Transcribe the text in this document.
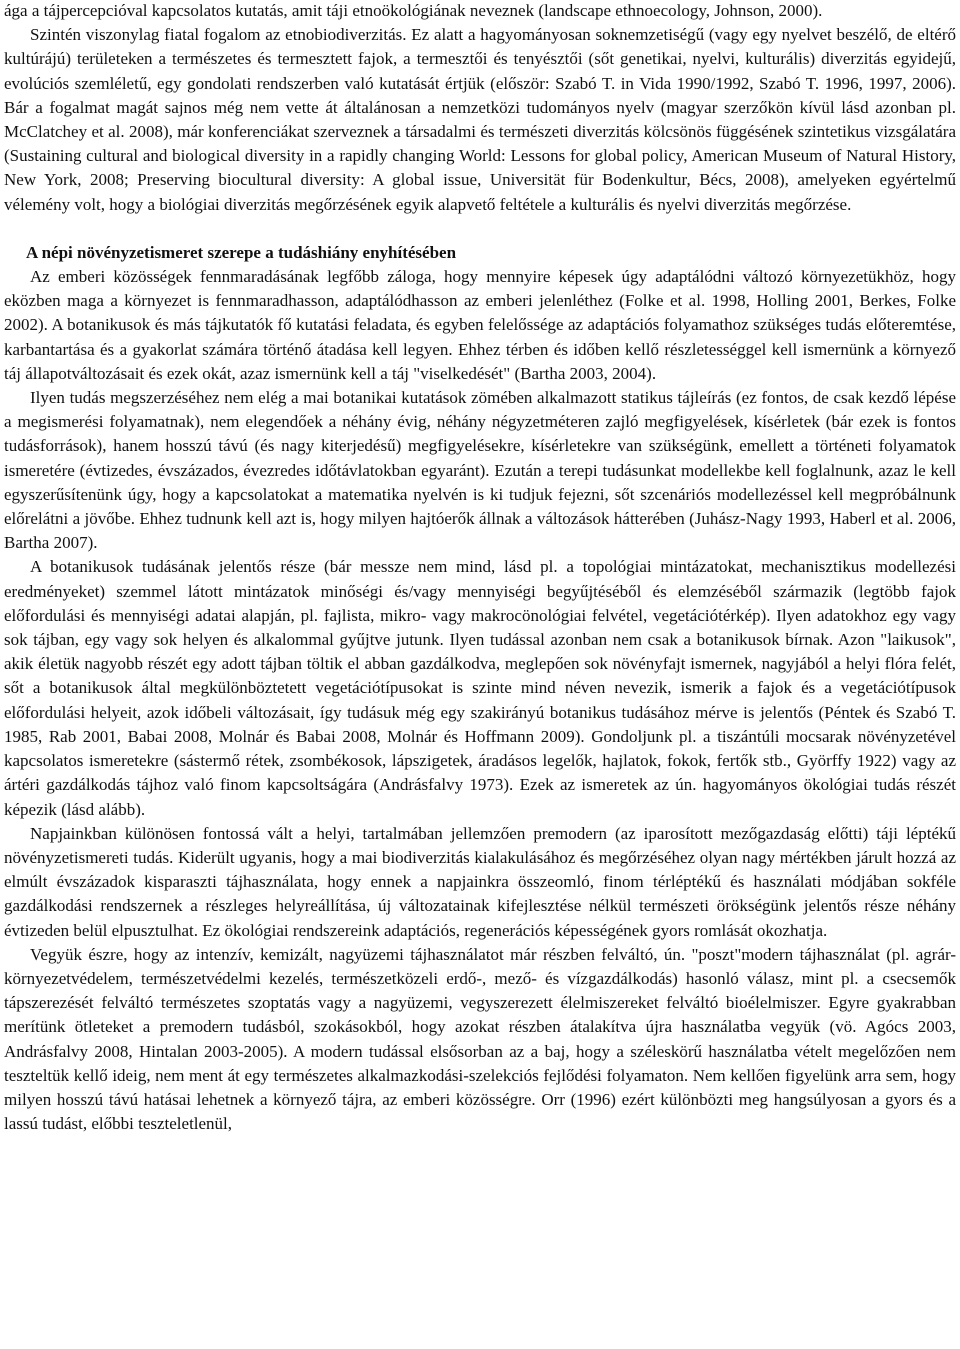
ága a tájpercepcióval kapcsolatos kutatás, amit táji etnoökológiának neveznek (landscape ethnoecology, Johnson, 2000).

Szintén viszonylag fiatal fogalom az etnobiodiverzitás. Ez alatt a hagyományosan soknemzetiségű (vagy egy nyelvet beszélő, de eltérő kultúrájú) területeken a természetes és termesztett fajok, a termesztői és tenyésztői (sőt genetikai, nyelvi, kulturális) diverzitás egyidejű, evolúciós szemléletű, egy gondolati rendszerben való kutatását értjük (először: Szabó T. in Vida 1990/1992, Szabó T. 1996, 1997, 2006). Bár a fogalmat magát sajnos még nem vette át általánosan a nemzetközi tudományos nyelv (magyar szerzőkön kívül lásd azonban pl. McClatchey et al. 2008), már konferenciákat szerveznek a társadalmi és természeti diverzitás kölcsönös függésének szintetikus vizsgálatára (Sustaining cultural and biological diversity in a rapidly changing World: Lessons for global policy, American Museum of Natural History, New York, 2008; Preserving biocultural diversity: A global issue, Universität für Bodenkultur, Bécs, 2008), amelyeken egyértelmű vélemény volt, hogy a biológiai diverzitás megőrzésének egyik alapvető feltétele a kulturális és nyelvi diverzitás megőrzése.

A népi növényzetismeret szerepe a tudáshiány enyhítésében

Az emberi közösségek fennmaradásának legfőbb záloga, hogy mennyire képesek úgy adaptálódni változó környezetükhöz, hogy eközben maga a környezet is fennmaradhasson, adaptálódhasson az emberi jelenléthez (Folke et al. 1998, Holling 2001, Berkes, Folke 2002). A botanikusok és más tájkutatók fő kutatási feladata, és egyben felelőssége az adaptációs folyamathoz szükséges tudás előteremtése, karbantartása és a gyakorlat számára történő átadása kell legyen. Ehhez térben és időben kellő részletességgel kell ismernünk a környező táj állapotváltozásait és ezek okát, azaz ismernünk kell a táj "viselkedését" (Bartha 2003, 2004).

Ilyen tudás megszerzéséhez nem elég a mai botanikai kutatások zömében alkalmazott statikus tájleírás (ez fontos, de csak kezdő lépése a megismerési folyamatnak), nem elegendőek a néhány évig, néhány négyzetméteren zajló megfigyelések, kísérletek (bár ezek is fontos tudásforrások), hanem hosszú távú (és nagy kiterjedésű) megfigyelésekre, kísérletekre van szükségünk, emellett a történeti folyamatok ismeretére (évtizedes, évszázados, évezredes időtávlatokban egyaránt). Ezután a terepi tudásunkat modellekbe kell foglalnunk, azaz le kell egyszerűsítenünk úgy, hogy a kapcsolatokat a matematika nyelvén is ki tudjuk fejezni, sőt szcenáriós modellezéssel kell megpróbálnunk előrelátni a jövőbe. Ehhez tudnunk kell azt is, hogy milyen hajtóerők állnak a változások hátterében (Juhász-Nagy 1993, Haberl et al. 2006, Bartha 2007).

A botanikusok tudásának jelentős része (bár messze nem mind, lásd pl. a topológiai mintázatokat, mechanisztikus modellezési eredményeket) szemmel látott mintázatok minőségi és/vagy mennyiségi begyűjtéséből és elemzéséből származik (legtöbb fajok előfordulási és mennyiségi adatai alapján, pl. fajlista, mikro- vagy makrocönológiai felvétel, vegetációtérkép). Ilyen adatokhoz egy vagy sok tájban, egy vagy sok helyen és alkalommal gyűjtve jutunk. Ilyen tudással azonban nem csak a botanikusok bírnak. Azon "laikusok", akik életük nagyobb részét egy adott tájban töltik el abban gazdálkodva, meglepően sok növényfajt ismernek, nagyjából a helyi flóra felét, sőt a botanikusok által megkülönböztetett vegetációtípusokat is szinte mind néven nevezik, ismerik a fajok és a vegetációtípusok előfordulási helyeit, azok időbeli változásait, így tudásuk még egy szakirányú botanikus tudásához mérve is jelentős (Péntek és Szabó T. 1985, Rab 2001, Babai 2008, Molnár és Babai 2008, Molnár és Hoffmann 2009). Gondoljunk pl. a tiszántúli mocsarak növényzetével kapcsolatos ismeretekre (sástermő rétek, zsombékosok, lápszigetek, áradásos legelők, hajlatok, fokok, fertők stb., Györffy 1922) vagy az ártéri gazdálkodás tájhoz való finom kapcsoltságára (Andrásfalvy 1973). Ezek az ismeretek az ún. hagyományos ökológiai tudás részét képezik (lásd alább).

Napjainkban különösen fontossá vált a helyi, tartalmában jellemzően premodern (az iparosított mezőgazdaság előtti) táji léptékű növényzetismereti tudás. Kiderült ugyanis, hogy a mai biodiverzitás kialakulásához és megőrzéséhez olyan nagy mértékben járult hozzá az elmúlt évszázadok kisparaszti tájhasználata, hogy ennek a napjainkra összeomló, finom térléptékű és használati módjában sokféle gazdálkodási rendszernek a részleges helyreállítása, új változatainak kifejlesztése nélkül természeti örökségünk jelentős része néhány évtizeden belül elpusztulhat. Ez ökológiai rendszereink adaptációs, regenerációs képességének gyors romlását okozhatja.

Vegyük észre, hogy az intenzív, kemizált, nagyüzemi tájhasználatot már részben felváltó, ún. "poszt"modern tájhasználat (pl. agrár-környezetvédelem, természetvédelmi kezelés, természetközeli erdő-, mező- és vízgazdálkodás) hasonló válasz, mint pl. a csecsemők tápszerezését felváltó természetes szoptatás vagy a nagyüzemi, vegyszerezett élelmiszereket felváltó bioélelmiszer. Egyre gyakrabban merítünk ötleteket a premodern tudásból, szokásokból, hogy azokat részben átalakítva újra használatba vegyük (vö. Agócs 2003, Andrásfalvy 2008, Hintalan 2003-2005). A modern tudással elsősorban az a baj, hogy a széleskörű használatba vételt megelőzően nem teszteltük kellő ideig, nem ment át egy természetes alkalmazkodási-szelekciós fejlődési folyamaton. Nem kellően figyelünk arra sem, hogy milyen hosszú távú hatásai lehetnek a környező tájra, az emberi közösségre. Orr (1996) ezért különbözti meg hangsúlyosan a gyors és a lassú tudást, előbbi teszteletlenül,
